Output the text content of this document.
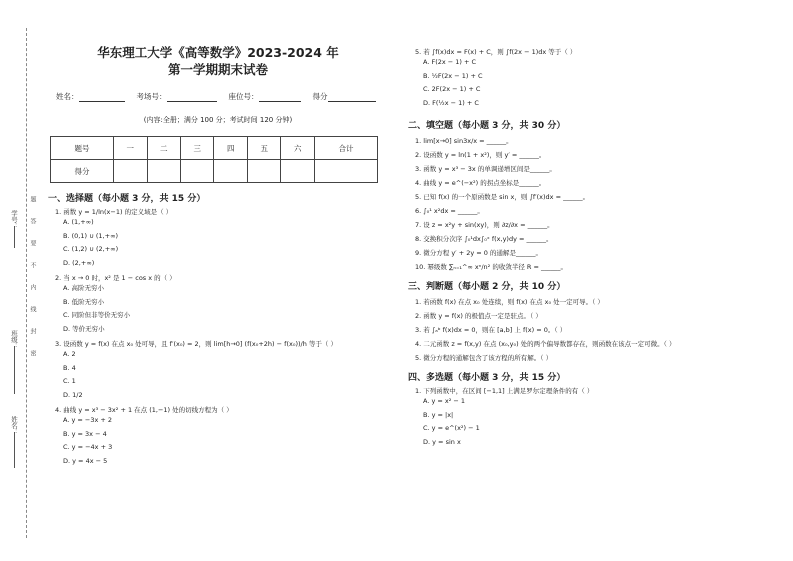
学号：
班级：
姓名：
题
答
要
不
内
线
封
密
华东理工大学《高等数学》2023-2024 年
第一学期期末试卷
姓名：	考场号：	座位号：	得分
(内容:全册；满分 100 分；考试时间 120 分钟)
题号	一	二	三	四	五	六	合计
得分							
一、选择题（每小题 3 分，共 15 分）
1. 函数 y = 1/ln(x−1) 的定义域是（ ）
A. (1,+∞)
B. (0,1) ∪ (1,+∞)
C. (1,2) ∪ (2,+∞)
D. (2,+∞)
2. 当 x → 0 时，x² 是 1 − cos x 的（ ）
A. 高阶无穷小
B. 低阶无穷小
C. 同阶但非等价无穷小
D. 等价无穷小
3. 设函数 y = f(x) 在点 x₀ 处可导，且 f′(x₀) = 2，则 lim[h→0] (f(x₀+2h) − f(x₀))/h 等于（ ）
A. 2
B. 4
C. 1
D. 1/2
4. 曲线 y = x³ − 3x² + 1 在点 (1,−1) 处的切线方程为（ ）
A. y = −3x + 2
B. y = 3x − 4
C. y = −4x + 3
D. y = 4x − 5
5. 若 ∫f(x)dx = F(x) + C，则 ∫f(2x − 1)dx 等于（ ）
A. F(2x − 1) + C
B. ½F(2x − 1) + C
C. 2F(2x − 1) + C
D. F(½x − 1) + C
二、填空题（每小题 3 分，共 30 分）
1. lim[x→0] sin3x/x = ______。
2. 设函数 y = ln(1 + x²)，则 y′ = ______。
3. 函数 y = x³ − 3x 的单调递增区间是______。
4. 曲线 y = e^(−x²) 的拐点坐标是______。
5. 已知 f(x) 的一个原函数是 sin x，则 ∫f′(x)dx = ______。
6. ∫₀¹ x²dx = ______。
7. 设 z = x²y + sin(xy)，则 ∂z/∂x = ______。
8. 交换积分次序 ∫₀¹dx∫₀ˣ f(x,y)dy = ______。
9. 微分方程 y′ + 2y = 0 的通解是______。
10. 幂级数 ∑ₙ₌₁^∞ xⁿ/n² 的收敛半径 R = ______。
三、判断题（每小题 2 分，共 10 分）
1. 若函数 f(x) 在点 x₀ 处连续，则 f(x) 在点 x₀ 处一定可导。（ ）
2. 函数 y = f(x) 的极值点一定是驻点。（ ）
3. 若 ∫ₐᵇ f(x)dx = 0，则在 [a,b] 上 f(x) = 0。（ ）
4. 二元函数 z = f(x,y) 在点 (x₀,y₀) 处的两个偏导数都存在，则函数在该点一定可微。（ ）
5. 微分方程的通解包含了该方程的所有解。（ ）
四、多选题（每小题 3 分，共 15 分）
1. 下列函数中，在区间 [−1,1] 上满足罗尔定理条件的有（ ）
A. y = x² − 1
B. y = |x|
C. y = e^(x²) − 1
D. y = sin x
